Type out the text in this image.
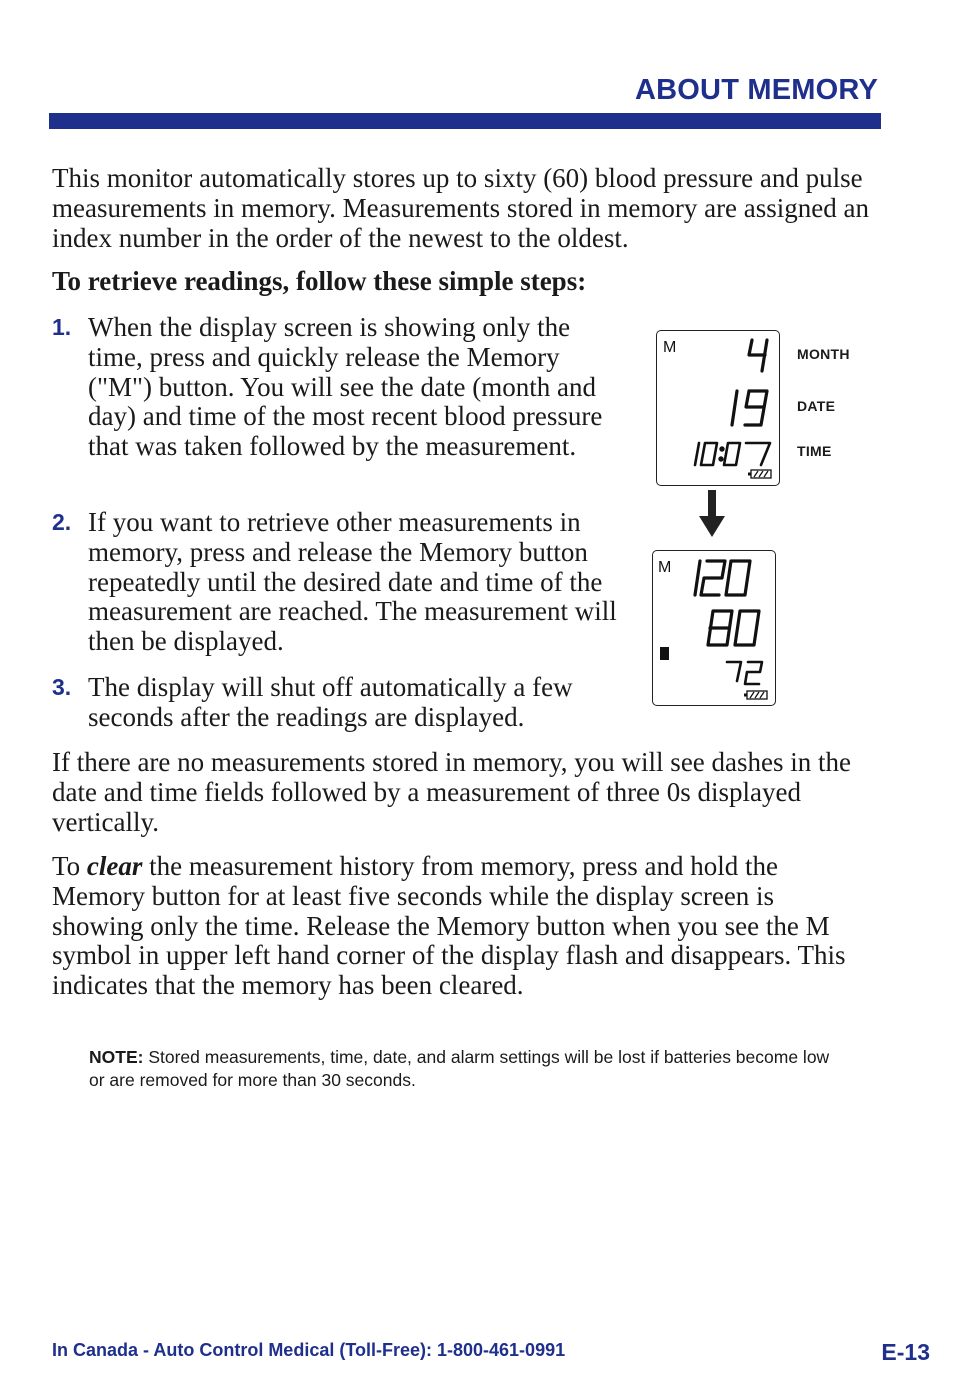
ABOUT MEMORY
This monitor automatically stores up to sixty (60) blood pressure and pulse measurements in memory. Measurements stored in memory are assigned an index number in the order of the newest to the oldest.
To retrieve readings, follow these simple steps:
1. When the display screen is showing only the time, press and quickly release the Memory ("M") button. You will see the date (month and day) and time of the most recent blood pressure that was taken followed by the measurement.
2. If you want to retrieve other measurements in memory, press and release the Memory button repeatedly until the desired date and time of the measurement are reached. The measurement will then be displayed.
3. The display will shut off automatically a few seconds after the readings are displayed.
M	MONTH
DATE
TIME
M
If there are no measurements stored in memory, you will see dashes in the date and time fields followed by a measurement of three 0s displayed vertically.
To clear the measurement history from memory, press and hold the Memory button for at least five seconds while the display screen is showing only the time. Release the Memory button when you see the M symbol in upper left hand corner of the display flash and disappears. This indicates that the memory has been cleared.
NOTE: Stored measurements, time, date, and alarm settings will be lost if batteries become low or are removed for more than 30 seconds.
In Canada - Auto Control Medical (Toll-Free): 1-800-461-0991	E-13
